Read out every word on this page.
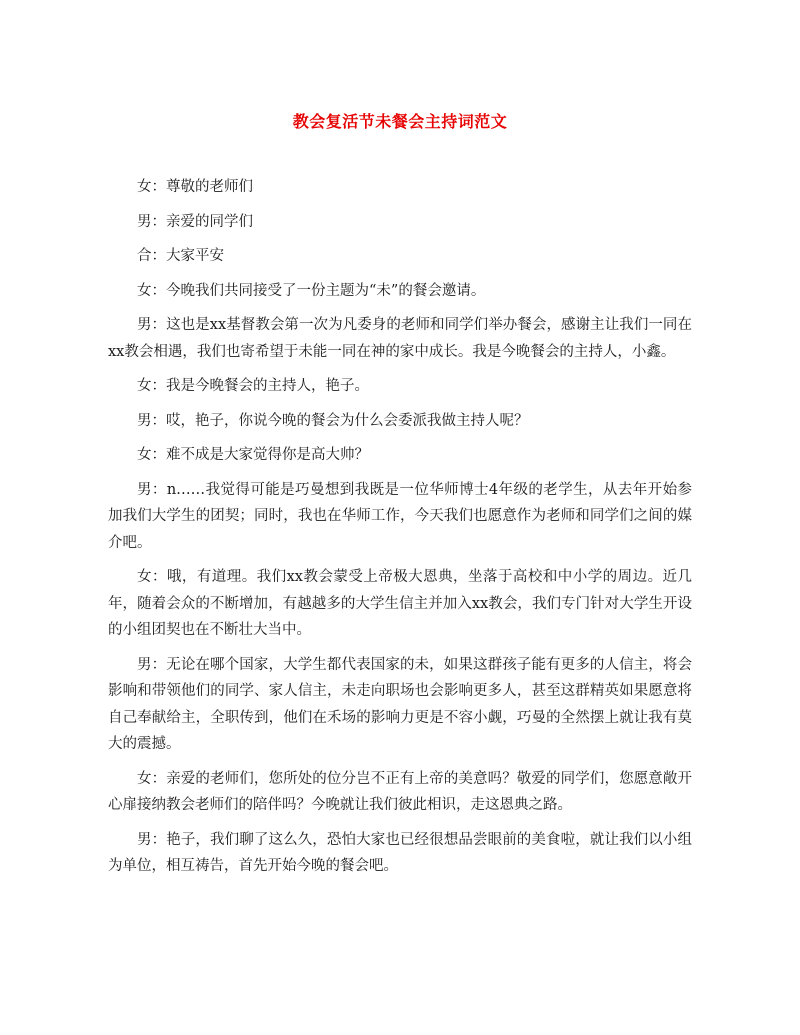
教会复活节未餐会主持词范文

女：尊敬的老师们

男：亲爱的同学们

合：大家平安

女：今晚我们共同接受了一份主题为“未”的餐会邀请。

男：这也是xx基督教会第一次为凡委身的老师和同学们举办餐会，感谢主让我们一同在xx教会相遇，我们也寄希望于未能一同在神的家中成长。我是今晚餐会的主持人，小鑫。

女：我是今晚餐会的主持人，艳子。

男：哎，艳子，你说今晚的餐会为什么会委派我做主持人呢？

女：难不成是大家觉得你是高大帅？

男：n……我觉得可能是巧曼想到我既是一位华师博士4年级的老学生，从去年开始参加我们大学生的团契；同时，我也在华师工作，今天我们也愿意作为老师和同学们之间的媒介吧。

女：哦，有道理。我们xx教会蒙受上帝极大恩典，坐落于高校和中小学的周边。近几年，随着会众的不断增加，有越越多的大学生信主并加入xx教会，我们专门针对大学生开设的小组团契也在不断壮大当中。

男：无论在哪个国家，大学生都代表国家的未，如果这群孩子能有更多的人信主，将会影响和带领他们的同学、家人信主，未走向职场也会影响更多人，甚至这群精英如果愿意将自己奉献给主，全职传到，他们在禾场的影响力更是不容小觑，巧曼的全然摆上就让我有莫大的震撼。

女：亲爱的老师们，您所处的位分岂不正有上帝的美意吗？敬爱的同学们，您愿意敞开心扉接纳教会老师们的陪伴吗？今晚就让我们彼此相识，走这恩典之路。

男：艳子，我们聊了这么久，恐怕大家也已经很想品尝眼前的美食啦，就让我们以小组为单位，相互祷告，首先开始今晚的餐会吧。
